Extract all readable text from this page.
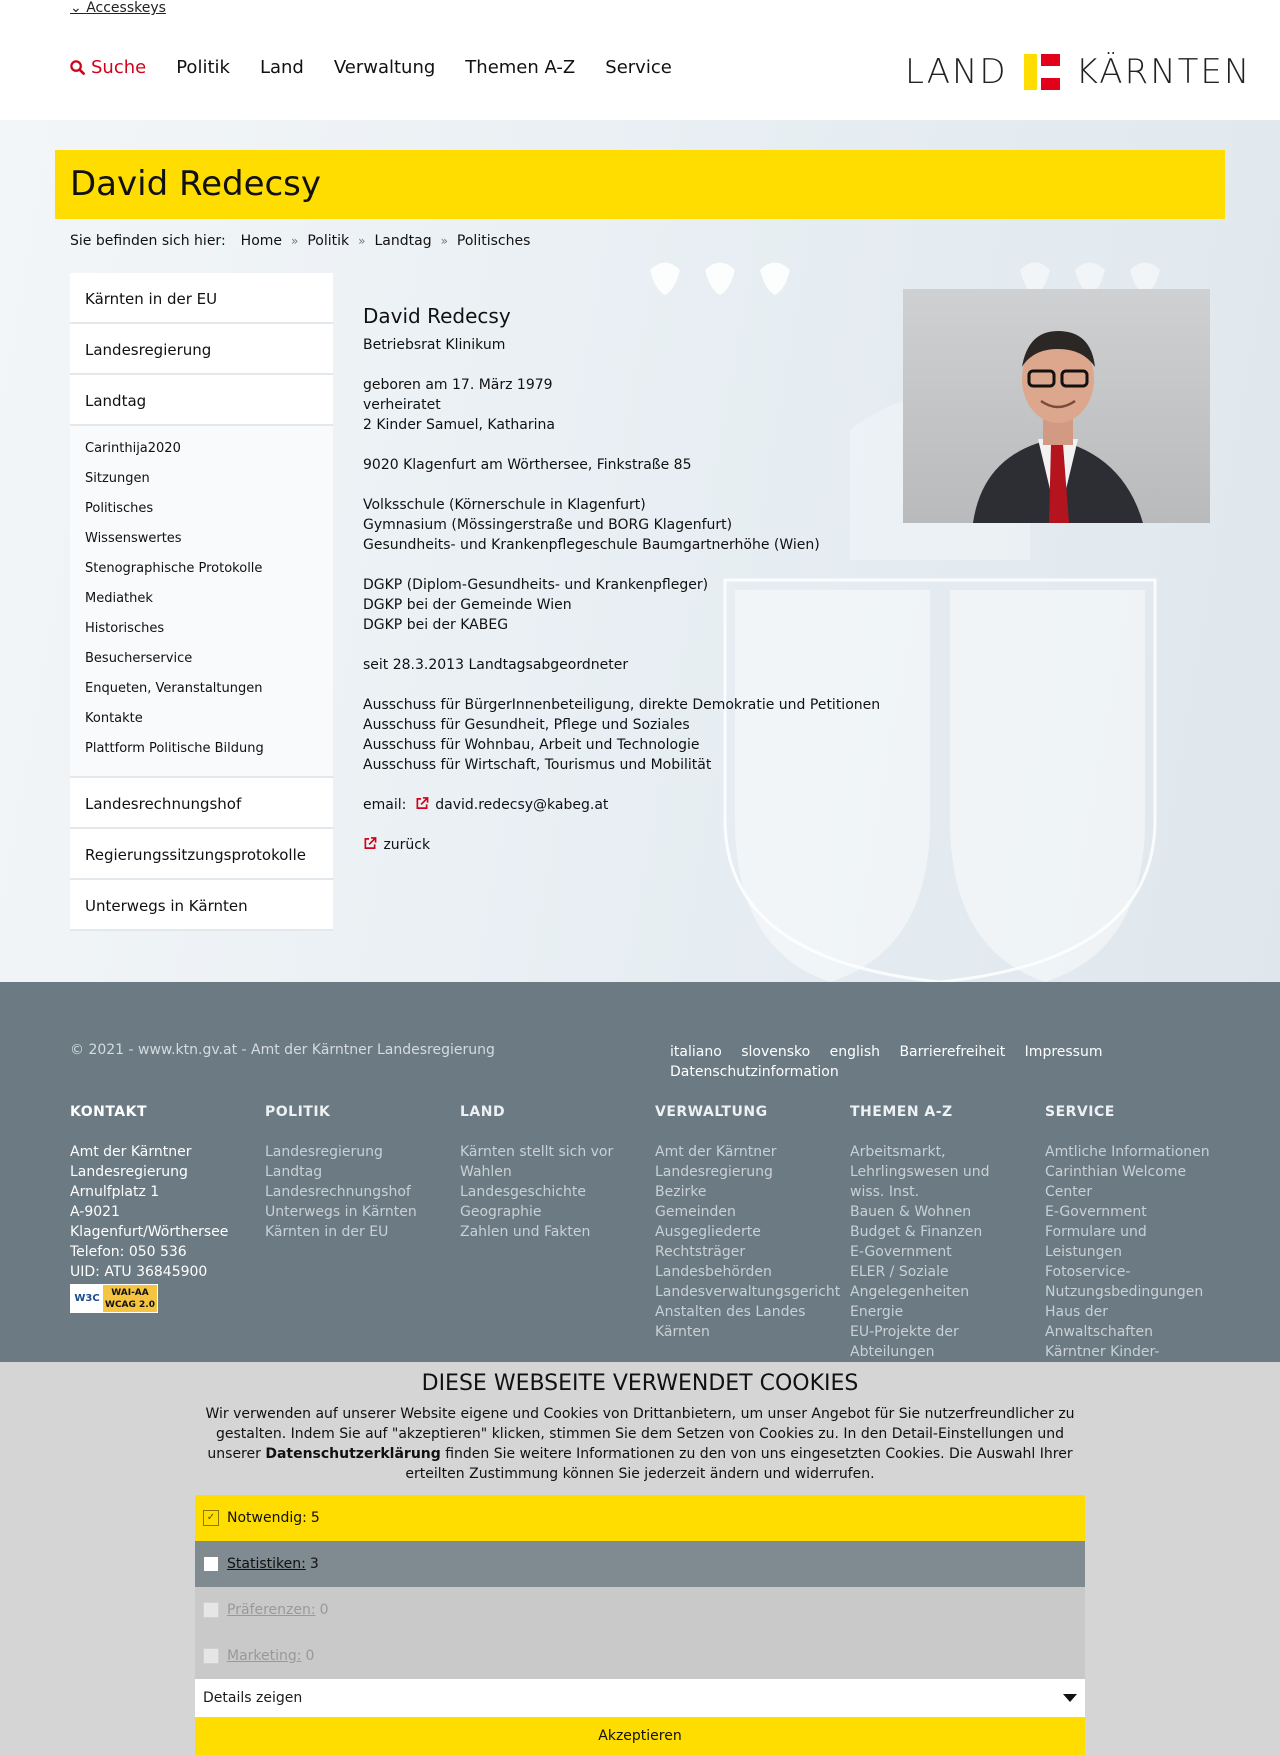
⌄ Accesskeys
Suche Politik Land Verwaltung Themen A-Z Service	LAND KÄRNTEN
David Redecsy
Sie befinden sich hier: Home » Politik » Landtag » Politisches
Kärnten in der EU
Landesregierung
Landtag
Carinthija2020
Sitzungen
Politisches
Wissenswertes
Stenographische Protokolle
Mediathek
Historisches
Besucherservice
Enqueten, Veranstaltungen
Kontakte
Plattform Politische Bildung
Landesrechnungshof
Regierungssitzungsprotokolle
Unterwegs in Kärnten
David Redecsy
Betriebsrat Klinikum
geboren am 17. März 1979
verheiratet
2 Kinder Samuel, Katharina
9020 Klagenfurt am Wörthersee, Finkstraße 85
Volksschule (Körnerschule in Klagenfurt)
Gymnasium (Mössingerstraße und BORG Klagenfurt)
Gesundheits- und Krankenpflegeschule Baumgartnerhöhe (Wien)
DGKP (Diplom-Gesundheits- und Krankenpfleger)
DGKP bei der Gemeinde Wien
DGKP bei der KABEG
seit 28.3.2013 Landtagsabgeordneter
Ausschuss für BürgerInnenbeteiligung, direkte Demokratie und Petitionen
Ausschuss für Gesundheit, Pflege und Soziales
Ausschuss für Wohnbau, Arbeit und Technologie
Ausschuss für Wirtschaft, Tourismus und Mobilität
email: david.redecsy@kabeg.at
zurück
© 2021 - www.ktn.gv.at - Amt der Kärntner Landesregierung	italiano slovensko english Barrierefreiheit Impressum
Datenschutzinformation
KONTAKT
Amt der Kärntner
Landesregierung
Arnulfplatz 1
A-9021
Klagenfurt/Wörthersee
Telefon: 050 536
UID: ATU 36845900
W3C	WAI-AA WCAG 2.0
POLITIK
Landesregierung
Landtag
Landesrechnungshof
Unterwegs in Kärnten
Kärnten in der EU
LAND
Kärnten stellt sich vor
Wahlen
Landesgeschichte
Geographie
Zahlen und Fakten
VERWALTUNG
Amt der Kärntner
Landesregierung
Bezirke
Gemeinden
Ausgegliederte
Rechtsträger
Landesbehörden
Landesverwaltungsgericht
Anstalten des Landes
Kärnten
THEMEN A-Z
Arbeitsmarkt,
Lehrlingswesen und
wiss. Inst.
Bauen & Wohnen
Budget & Finanzen
E-Government
ELER / Soziale
Angelegenheiten
Energie
EU-Projekte der
Abteilungen
SERVICE
Amtliche Informationen
Carinthian Welcome
Center
E-Government
Formulare und
Leistungen
Fotoservice-
Nutzungsbedingungen
Haus der
Anwaltschaften
Kärntner Kinder-
DIESE WEBSEITE VERWENDET COOKIES

Wir verwenden auf unserer Website eigene und Cookies von Drittanbietern, um unser Angebot für Sie nutzerfreundlicher zu gestalten. Indem Sie auf "akzeptieren" klicken, stimmen Sie dem Setzen von Cookies zu. In den Detail-Einstellungen und unserer Datenschutzerklärung finden Sie weitere Informationen zu den von uns eingesetzten Cookies. Die Auswahl Ihrer erteilten Zustimmung können Sie jederzeit ändern und widerrufen.

✓ Notwendig: 5
Statistiken: 3
Präferenzen: 0
Marketing: 0
Details zeigen
Akzeptieren
